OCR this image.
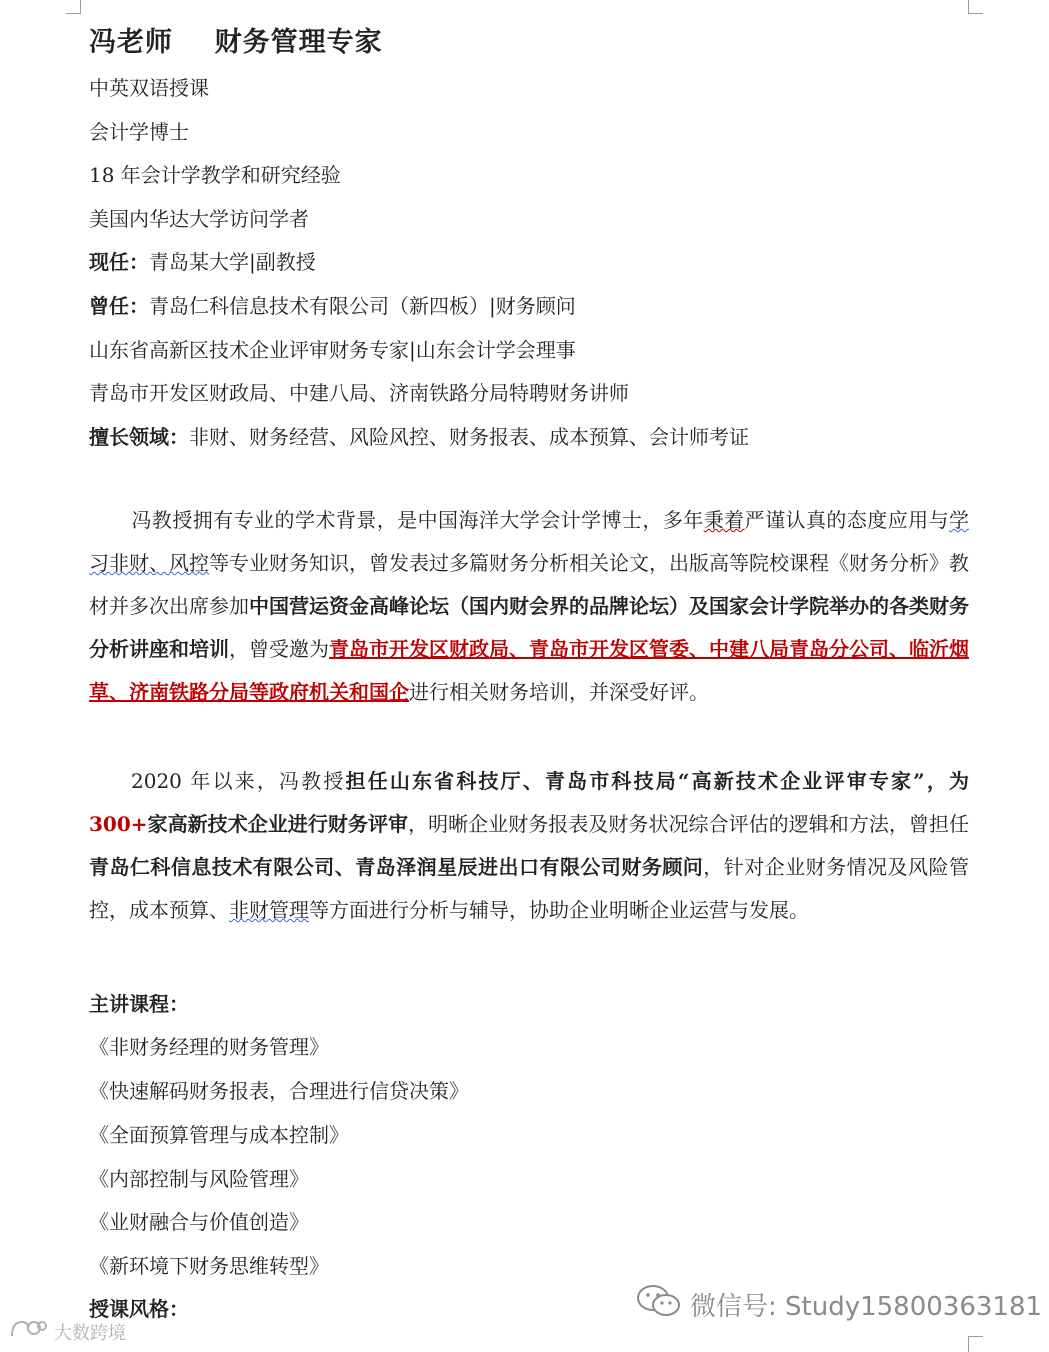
冯老师    财务管理专家
中英双语授课
会计学博士
18 年会计学教学和研究经验
美国内华达大学访问学者
现任：青岛某大学|副教授
曾任：青岛仁科信息技术有限公司（新四板）|财务顾问
山东省高新区技术企业评审财务专家|山东会计学会理事
青岛市开发区财政局、中建八局、济南铁路分局特聘财务讲师
擅长领域：非财、财务经营、风险风控、财务报表、成本预算、会计师考证
冯教授拥有专业的学术背景，是中国海洋大学会计学博士，多年秉着严谨认真的态度应用与学习非财、风控等专业财务知识，曾发表过多篇财务分析相关论文，出版高等院校课程《财务分析》教材并多次出席参加中国营运资金高峰论坛（国内财会界的品牌论坛）及国家会计学院举办的各类财务分析讲座和培训，曾受邀为青岛市开发区财政局、青岛市开发区管委、中建八局青岛分公司、临沂烟草、济南铁路分局等政府机关和国企进行相关财务培训，并深受好评。
2020 年以来，冯教授担任山东省科技厅、青岛市科技局“高新技术企业评审专家”，为300+家高新技术企业进行财务评审，明晰企业财务报表及财务状况综合评估的逻辑和方法，曾担任青岛仁科信息技术有限公司、青岛泽润星辰进出口有限公司财务顾问，针对企业财务情况及风险管控，成本预算、非财管理等方面进行分析与辅导，协助企业明晰企业运营与发展。
主讲课程：
《非财务经理的财务管理》
《快速解码财务报表，合理进行信贷决策》
《全面预算管理与成本控制》
《内部控制与风险管理》
《业财融合与价值创造》
《新环境下财务思维转型》
授课风格：	微信号: Study15800363181
大数跨境
